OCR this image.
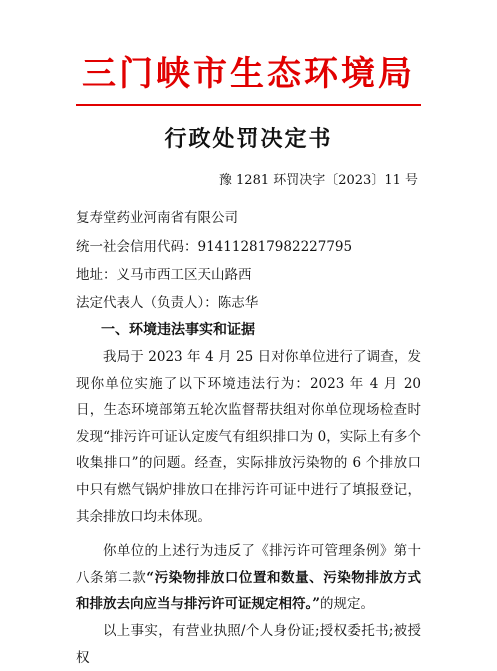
三门峡市生态环境局
行政处罚决定书
豫 1281 环罚决字〔2023〕11 号
复寿堂药业河南省有限公司
统一社会信用代码：914112817982227795
地址：义马市西工区天山路西
法定代表人（负责人）：陈志华
一、环境违法事实和证据
我局于 2023 年 4 月 25 日对你单位进行了调查，发现你单位实施了以下环境违法行为：2023 年 4 月 20 日，生态环境部第五轮次监督帮扶组对你单位现场检查时发现“排污许可证认定废气有组织排口为 0，实际上有多个收集排口”的问题。经查，实际排放污染物的 6 个排放口中只有燃气锅炉排放口在排污许可证中进行了填报登记，其余排放口均未体现。
你单位的上述行为违反了《排污许可管理条例》第十八条第二款“污染物排放口位置和数量、污染物排放方式和排放去向应当与排污许可证规定相符。”的规定。
以上事实，有营业执照/个人身份证;授权委托书;被授权
